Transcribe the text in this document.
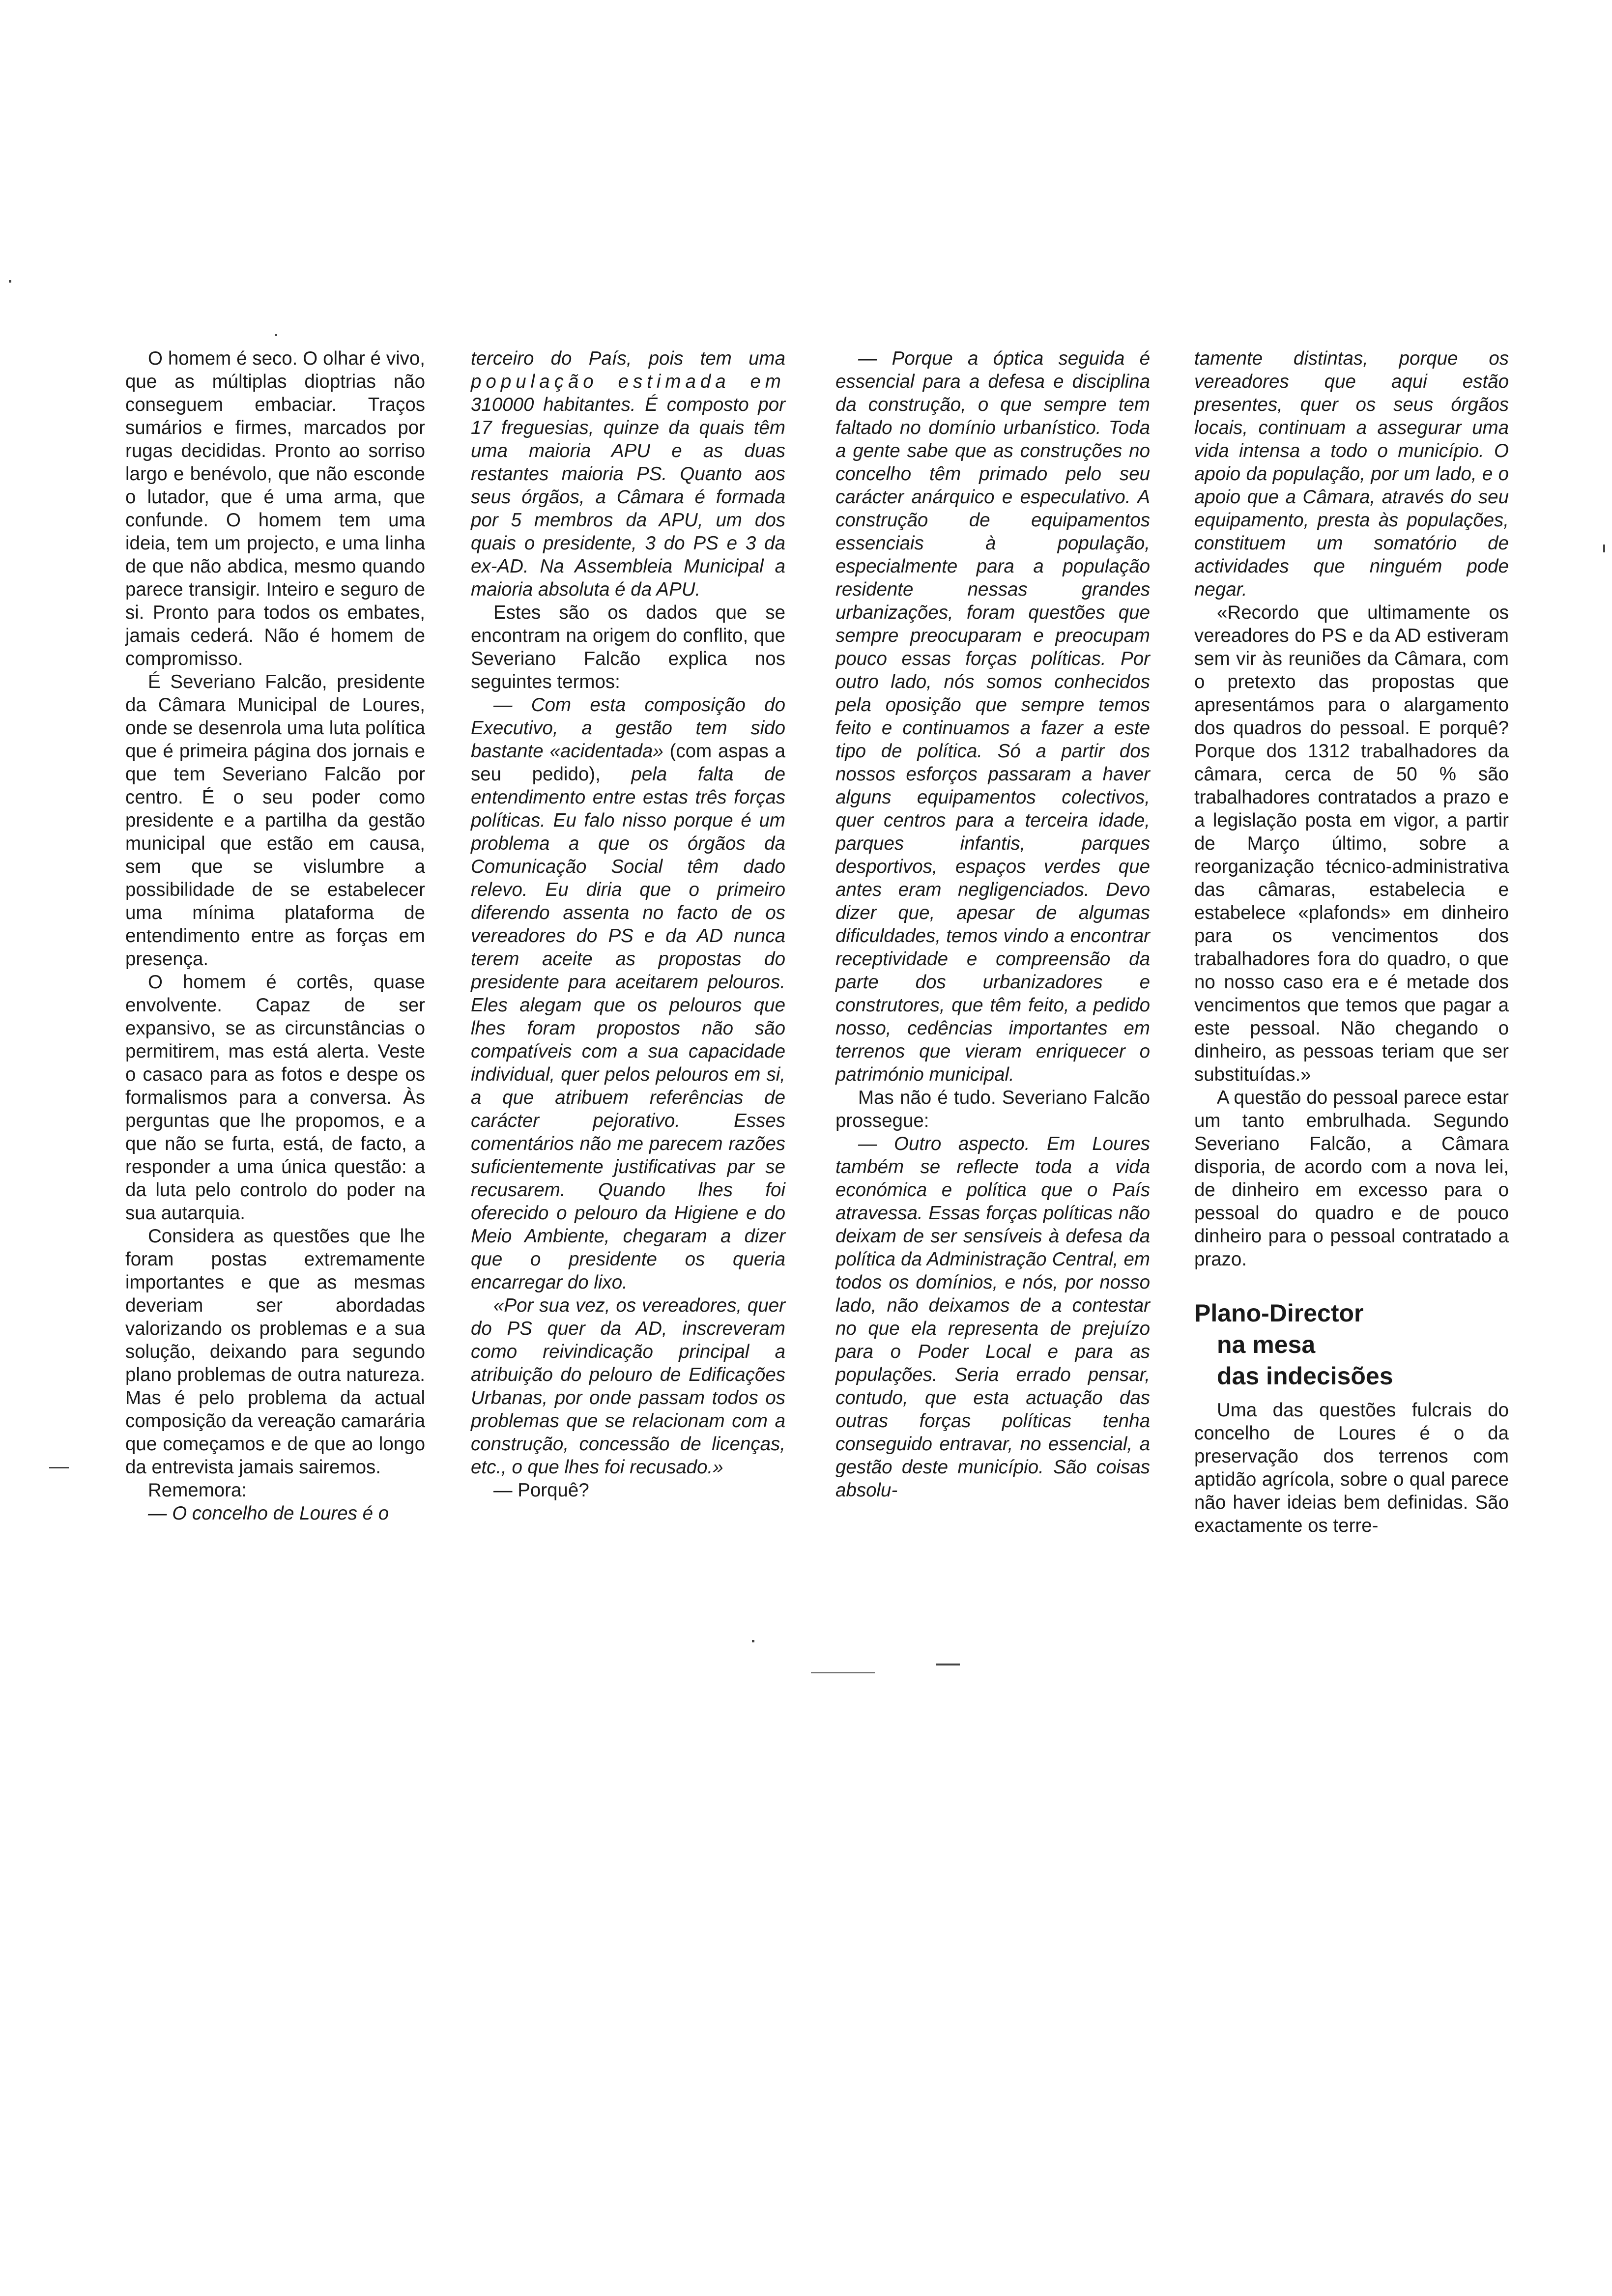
O homem é seco. O olhar é vivo, que as múltiplas dioptrias não conseguem embaciar. Traços sumários e firmes, marcados por rugas decididas. Pronto ao sorriso largo e benévolo, que não esconde o lutador, que é uma arma, que confunde. O homem tem uma ideia, tem um projecto, e uma linha de que não abdica, mesmo quando parece transigir. Inteiro e seguro de si. Pronto para todos os embates, jamais cederá. Não é homem de compromisso.

É Severiano Falcão, presidente da Câmara Municipal de Loures, onde se desenrola uma luta política que é primeira página dos jornais e que tem Severiano Falcão por centro. É o seu poder como presidente e a partilha da gestão municipal que estão em causa, sem que se vislumbre a possibilidade de se estabelecer uma mínima plataforma de entendimento entre as forças em presença.

O homem é cortês, quase envolvente. Capaz de ser expansivo, se as circunstâncias o permitirem, mas está alerta. Veste o casaco para as fotos e despe os formalismos para a conversa. Às perguntas que lhe propomos, e a que não se furta, está, de facto, a responder a uma única questão: a da luta pelo controlo do poder na sua autarquia.

Considera as questões que lhe foram postas extremamente importantes e que as mesmas deveriam ser abordadas valorizando os problemas e a sua solução, deixando para segundo plano problemas de outra natureza. Mas é pelo problema da actual composição da vereação camarária que começamos e de que ao longo da entrevista jamais sairemos.

Rememora:

— O concelho de Loures é o

terceiro do País, pois tem uma população estimada em 310000 habitantes. É composto por 17 freguesias, quinze da quais têm uma maioria APU e as duas restantes maioria PS. Quanto aos seus órgãos, a Câmara é formada por 5 membros da APU, um dos quais o presidente, 3 do PS e 3 da ex-AD. Na Assembleia Municipal a maioria absoluta é da APU.

Estes são os dados que se encontram na origem do conflito, que Severiano Falcão explica nos seguintes termos:

— Com esta composição do Executivo, a gestão tem sido bastante «acidentada» (com aspas a seu pedido), pela falta de entendimento entre estas três forças políticas. Eu falo nisso porque é um problema a que os órgãos da Comunicação Social têm dado relevo. Eu diria que o primeiro diferendo assenta no facto de os vereadores do PS e da AD nunca terem aceite as propostas do presidente para aceitarem pelouros. Eles alegam que os pelouros que lhes foram propostos não são compatíveis com a sua capacidade individual, quer pelos pelouros em si, a que atribuem referências de carácter pejorativo. Esses comentários não me parecem razões suficientemente justificativas par se recusarem. Quando lhes foi oferecido o pelouro da Higiene e do Meio Ambiente, chegaram a dizer que o presidente os queria encarregar do lixo.

«Por sua vez, os vereadores, quer do PS quer da AD, inscreveram como reivindicação principal a atribuição do pelouro de Edificações Urbanas, por onde passam todos os problemas que se relacionam com a construção, concessão de licenças, etc., o que lhes foi recusado.»

— Porquê?

— Porque a óptica seguida é essencial para a defesa e disciplina da construção, o que sempre tem faltado no domínio urbanístico. Toda a gente sabe que as construções no concelho têm primado pelo seu carácter anárquico e especulativo. A construção de equipamentos essenciais à população, especialmente para a população residente nessas grandes urbanizações, foram questões que sempre preocuparam e preocupam pouco essas forças políticas. Por outro lado, nós somos conhecidos pela oposição que sempre temos feito e continuamos a fazer a este tipo de política. Só a partir dos nossos esforços passaram a haver alguns equipamentos colectivos, quer centros para a terceira idade, parques infantis, parques desportivos, espaços verdes que antes eram negligenciados. Devo dizer que, apesar de algumas dificuldades, temos vindo a encontrar receptividade e compreensão da parte dos urbanizadores e construtores, que têm feito, a pedido nosso, cedências importantes em terrenos que vieram enriquecer o património municipal.

Mas não é tudo. Severiano Falcão prossegue:

— Outro aspecto. Em Loures também se reflecte toda a vida económica e política que o País atravessa. Essas forças políticas não deixam de ser sensíveis à defesa da política da Administração Central, em todos os domínios, e nós, por nosso lado, não deixamos de a contestar no que ela representa de prejuízo para o Poder Local e para as populações. Seria errado pensar, contudo, que esta actuação das outras forças políticas tenha conseguido entravar, no essencial, a gestão deste município. São coisas absolu-

tamente distintas, porque os vereadores que aqui estão presentes, quer os seus órgãos locais, continuam a assegurar uma vida intensa a todo o município. O apoio da população, por um lado, e o apoio que a Câmara, através do seu equipamento, presta às populações, constituem um somatório de actividades que ninguém pode negar.

«Recordo que ultimamente os vereadores do PS e da AD estiveram sem vir às reuniões da Câmara, com o pretexto das propostas que apresentámos para o alargamento dos quadros do pessoal. E porquê? Porque dos 1312 trabalhadores da câmara, cerca de 50 % são trabalhadores contratados a prazo e a legislação posta em vigor, a partir de Março último, sobre a reorganização técnico-administrativa das câmaras, estabelecia e estabelece «plafonds» em dinheiro para os vencimentos dos trabalhadores fora do quadro, o que no nosso caso era e é metade dos vencimentos que temos que pagar a este pessoal. Não chegando o dinheiro, as pessoas teriam que ser substituídas.»

A questão do pessoal parece estar um tanto embrulhada. Segundo Severiano Falcão, a Câmara disporia, de acordo com a nova lei, de dinheiro em excesso para o pessoal do quadro e de pouco dinheiro para o pessoal contratado a prazo.

Plano-Director
na mesa
das indecisões

Uma das questões fulcrais do concelho de Loures é o da preservação dos terrenos com aptidão agrícola, sobre o qual parece não haver ideias bem definidas. São exactamente os terre-
